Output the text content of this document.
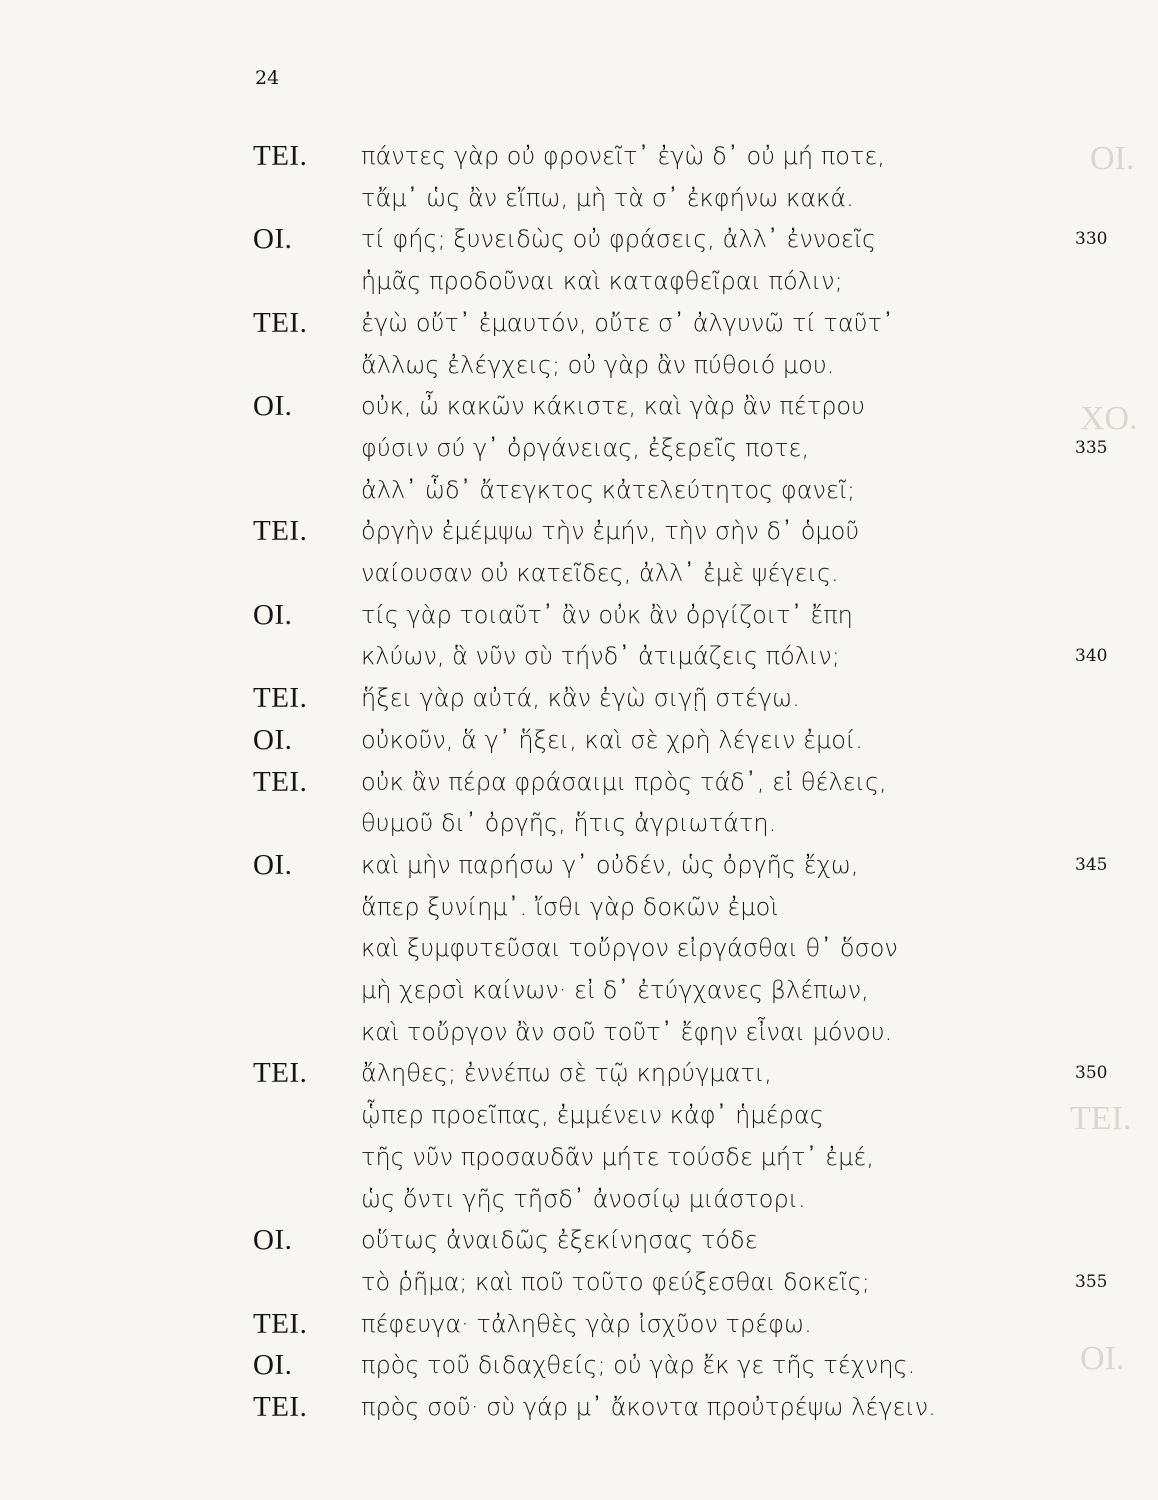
ΟΙ.
ΧΟ.
ΤΕΙ.
ΟΙ.
24
ΤΕΙ. πάντες γὰρ οὐ φρονεῖτ᾿ ἐγὼ δ᾿ οὐ μή ποτε,
τἄμ᾿ ὡς ἂν εἴπω, μὴ τὰ σ᾿ ἐκφήνω κακά.
ΟΙ.	τί φής; ξυνειδὼς οὐ φράσεις, ἀλλ᾿ ἐννοεῖς	330
ἡμᾶς προδοῦναι καὶ καταφθεῖραι πόλιν;
ΤΕΙ. ἐγὼ οὔτ᾿ ἐμαυτόν, οὔτε σ᾿ ἀλγυνῶ τί ταῦτ᾿
ἄλλως ἐλέγχεις; οὐ γὰρ ἂν πύθοιό μου.
ΟΙ.	οὐκ, ὦ κακῶν κάκιστε, καὶ γὰρ ἂν πέτρου
φύσιν σύ γ᾿ ὀργάνειας, ἐξερεῖς ποτε,	335
ἀλλ᾿ ὧδ᾿ ἄτεγκτος κἀτελεύτητος φανεῖ;
ΤΕΙ. ὀργὴν ἐμέμψω τὴν ἐμήν, τὴν σὴν δ᾿ ὁμοῦ
ναίουσαν οὐ κατεῖδες, ἀλλ᾿ ἐμὲ ψέγεις.
ΟΙ.	τίς γὰρ τοιαῦτ᾿ ἂν οὐκ ἂν ὀργίζοιτ᾿ ἔπη
κλύων, ἃ νῦν σὺ τήνδ᾿ ἀτιμάζεις πόλιν;	340
ΤΕΙ. ἥξει γὰρ αὐτά, κἂν ἐγὼ σιγῇ στέγω.
ΟΙ.	οὐκοῦν, ἅ γ᾿ ἥξει, καὶ σὲ χρὴ λέγειν ἐμοί.
ΤΕΙ. οὐκ ἂν πέρα φράσαιμι πρὸς τάδ᾿, εἰ θέλεις,
θυμοῦ δι᾿ ὀργῆς, ἥτις ἀγριωτάτη.
ΟΙ.	καὶ μὴν παρήσω γ᾿ οὐδέν, ὡς ὀργῆς ἔχω,	345
ἅπερ ξυνίημ᾿. ἴσθι γὰρ δοκῶν ἐμοὶ
καὶ ξυμφυτεῦσαι τοὔργον εἰργάσθαι θ᾿ ὅσον
μὴ χερσὶ καίνων· εἰ δ᾿ ἐτύγχανες βλέπων,
καὶ τοὔργον ἂν σοῦ τοῦτ᾿ ἔφην εἶναι μόνου.
ΤΕΙ. ἄληθες; ἐννέπω σὲ τῷ κηρύγματι,	350
ᾧπερ προεῖπας, ἐμμένειν κἀφ᾿ ἡμέρας
τῆς νῦν προσαυδᾶν μήτε τούσδε μήτ᾿ ἐμέ,
ὡς ὄντι γῆς τῆσδ᾿ ἀνοσίῳ μιάστορι.
ΟΙ.	οὕτως ἀναιδῶς ἐξεκίνησας τόδε
τὸ ῥῆμα; καὶ ποῦ τοῦτο φεύξεσθαι δοκεῖς;	355
ΤΕΙ. πέφευγα· τἀληθὲς γὰρ ἰσχῦον τρέφω.
ΟΙ.	πρὸς τοῦ διδαχθείς; οὐ γὰρ ἔκ γε τῆς τέχνης.
ΤΕΙ. πρὸς σοῦ· σὺ γάρ μ᾿ ἄκοντα προὐτρέψω λέγειν.
